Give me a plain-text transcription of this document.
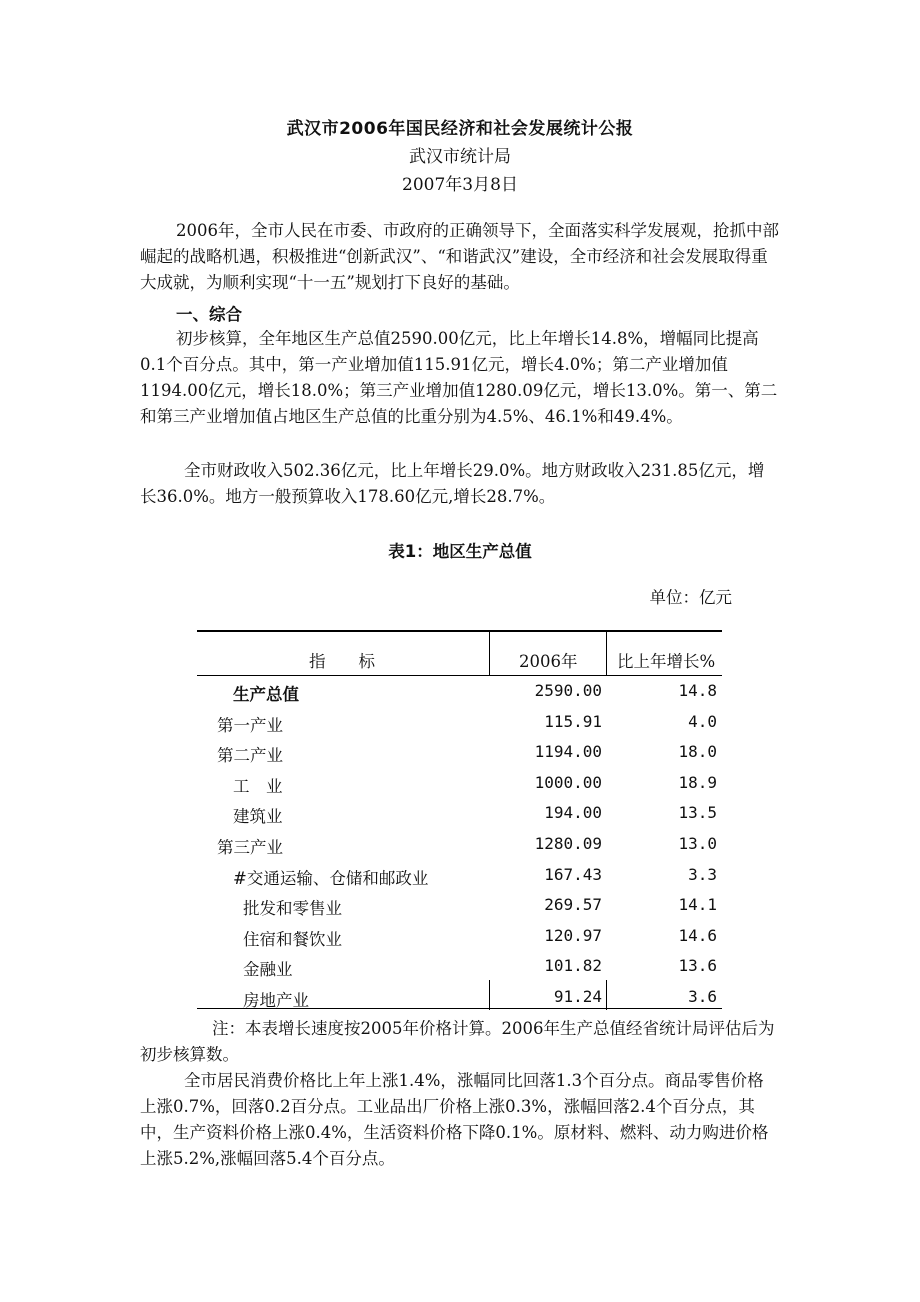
武汉市2006年国民经济和社会发展统计公报
武汉市统计局
2007年3月8日

2006年，全市人民在市委、市政府的正确领导下，全面落实科学发展观，抢抓中部崛起的战略机遇，积极推进“创新武汉”、“和谐武汉”建设，全市经济和社会发展取得重大成就，为顺利实现“十一五”规划打下良好的基础。

一、综合

初步核算，全年地区生产总值2590.00亿元，比上年增长14.8%，增幅同比提高0.1个百分点。其中，第一产业增加值115.91亿元，增长4.0%；第二产业增加值1194.00亿元，增长18.0%；第三产业增加值1280.09亿元，增长13.0%。第一、第二和第三产业增加值占地区生产总值的比重分别为4.5%、46.1%和49.4%。

全市财政收入502.36亿元，比上年增长29.0%。地方财政收入231.85亿元，增长36.0%。地方一般预算收入178.60亿元,增长28.7%。

表1：地区生产总值
单位：亿元
指　　标	2006年 比上年增长%
生产总值	2590.00	14.8
第一产业	115.91	4.0
第二产业	1194.00	18.0
工　业	1000.00	18.9
建筑业	194.00	13.5
第三产业	1280.09	13.0
#交通运输、仓储和邮政业	167.43	3.3
批发和零售业	269.57	14.1
住宿和餐饮业	120.97	14.6
金融业	101.82	13.6
房地产业	91.24	3.6

注：本表增长速度按2005年价格计算。2006年生产总值经省统计局评估后为初步核算数。

全市居民消费价格比上年上涨1.4%，涨幅同比回落1.3个百分点。商品零售价格上涨0.7%，回落0.2百分点。工业品出厂价格上涨0.3%，涨幅回落2.4个百分点，其中，生产资料价格上涨0.4%，生活资料价格下降0.1%。原材料、燃料、动力购进价格上涨5.2%,涨幅回落5.4个百分点。
